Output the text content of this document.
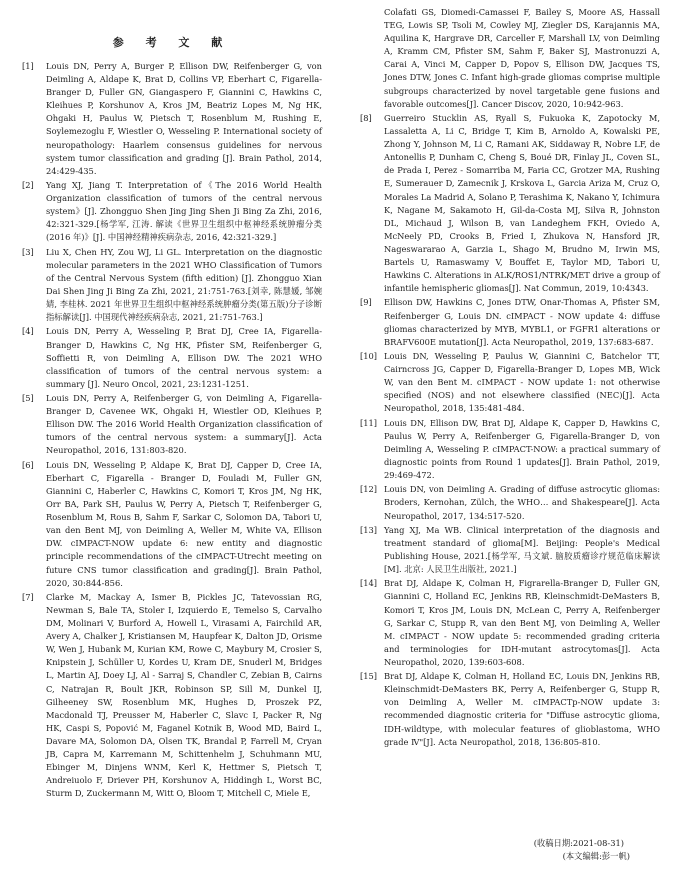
参 考 文 献
[1] Louis DN, Perry A, Burger P, Ellison DW, Reifenberger G, von Deimling A, Aldape K, Brat D, Collins VP, Eberhart C, Figarella-Branger D, Fuller GN, Giangaspero F, Giannini C, Hawkins C, Kleihues P, Korshunov A, Kros JM, Beatriz Lopes M, Ng HK, Ohgaki H, Paulus W, Pietsch T, Rosenblum M, Rushing E, Soylemezoglu F, Wiestler O, Wesseling P. International society of neuropathology: Haarlem consensus guidelines for nervous system tumor classification and grading [J]. Brain Pathol, 2014, 24:429-435.
[2] Yang XJ, Jiang T. Interpretation of《The 2016 World Health Organization classification of tumors of the central nervous system》[J]. Zhongguo Shen Jing Jing Shen Ji Bing Za Zhi, 2016, 42:321-329.[杨学军, 江涛. 解读《世界卫生组织中枢神经系统肿瘤分类(2016 年)》[J]. 中国神经精神疾病杂志, 2016, 42:321-329.]
[3] Liu X, Chen HY, Zou WJ, Li GL. Interpretation on the diagnostic molecular parameters in the 2021 WHO Classification of Tumors of the Central Nervous System (fifth edition) [J]. Zhongguo Xian Dai Shen Jing Ji Bing Za Zhi, 2021, 21:751-763.[刘幸, 陈慧媛, 邹婉婧, 李桂林. 2021 年世界卫生组织中枢神经系统肿瘤分类(第五版)分子诊断指标解读[J]. 中国现代神经疾病杂志, 2021, 21:751-763.]
[4] Louis DN, Perry A, Wesseling P, Brat DJ, Cree IA, Figarella-Branger D, Hawkins C, Ng HK, Pfister SM, Reifenberger G, Soffietti R, von Deimling A, Ellison DW. The 2021 WHO classification of tumors of the central nervous system: a summary [J]. Neuro Oncol, 2021, 23:1231-1251.
[5] Louis DN, Perry A, Reifenberger G, von Deimling A, Figarella-Branger D, Cavenee WK, Ohgaki H, Wiestler OD, Kleihues P, Ellison DW. The 2016 World Health Organization classification of tumors of the central nervous system: a summary[J]. Acta Neuropathol, 2016, 131:803-820.
[6] Louis DN, Wesseling P, Aldape K, Brat DJ, Capper D, Cree IA, Eberhart C, Figarella - Branger D, Fouladi M, Fuller GN, Giannini C, Haberler C, Hawkins C, Komori T, Kros JM, Ng HK, Orr BA, Park SH, Paulus W, Perry A, Pietsch T, Reifenberger G, Rosenblum M, Rous B, Sahm F, Sarkar C, Solomon DA, Tabori U, van den Bent MJ, von Deimling A, Weller M, White VA, Ellison DW. cIMPACT-NOW update 6: new entity and diagnostic principle recommendations of the cIMPACT-Utrecht meeting on future CNS tumor classification and grading[J]. Brain Pathol, 2020, 30:844-856.
[7] Clarke M, Mackay A, Ismer B, Pickles JC, Tatevossian RG, Newman S, Bale TA, Stoler I, Izquierdo E, Temelso S, Carvalho DM, Molinari V, Burford A, Howell L, Virasami A, Fairchild AR, Avery A, Chalker J, Kristiansen M, Haupfear K, Dalton JD, Orisme W, Wen J, Hubank M, Kurian KM, Rowe C, Maybury M, Crosier S, Knipstein J, Schüller U, Kordes U, Kram DE, Snuderl M, Bridges L, Martin AJ, Doey LJ, Al - Sarraj S, Chandler C, Zebian B, Cairns C, Natrajan R, Boult JKR, Robinson SP, Sill M, Dunkel IJ, Gilheeney SW, Rosenblum MK, Hughes D, Proszek PZ, Macdonald TJ, Preusser M, Haberler C, Slavc I, Packer R, Ng HK, Caspi S, Popović M, Faganel Kotnik B, Wood MD, Baird L, Davare MA, Solomon DA, Olsen TK, Brandal P, Farrell M, Cryan JB, Capra M, Karremann M, Schittenhelm J, Schuhmann MU, Ebinger M, Dinjens WNM, Kerl K, Hettmer S, Pietsch T, Andreiuolo F, Driever PH, Korshunov A, Hiddingh L, Worst BC, Sturm D, Zuckermann M, Witt O, Bloom T, Mitchell C, Miele E,
Colafati GS, Diomedi-Camassei F, Bailey S, Moore AS, Hassall TEG, Lowis SP, Tsoli M, Cowley MJ, Ziegler DS, Karajannis MA, Aquilina K, Hargrave DR, Carceller F, Marshall LV, von Deimling A, Kramm CM, Pfister SM, Sahm F, Baker SJ, Mastronuzzi A, Carai A, Vinci M, Capper D, Popov S, Ellison DW, Jacques TS, Jones DTW, Jones C. Infant high-grade gliomas comprise multiple subgroups characterized by novel targetable gene fusions and favorable outcomes[J]. Cancer Discov, 2020, 10:942-963.
[8] Guerreiro Stucklin AS, Ryall S, Fukuoka K, Zapotocky M, Lassaletta A, Li C, Bridge T, Kim B, Arnoldo A, Kowalski PE, Zhong Y, Johnson M, Li C, Ramani AK, Siddaway R, Nobre LF, de Antonellis P, Dunham C, Cheng S, Boué DR, Finlay JL, Coven SL, de Prada I, Perez - Somarriba M, Faria CC, Grotzer MA, Rushing E, Sumerauer D, Zamecnik J, Krskova L, Garcia Ariza M, Cruz O, Morales La Madrid A, Solano P, Terashima K, Nakano Y, Ichimura K, Nagane M, Sakamoto H, Gil-da-Costa MJ, Silva R, Johnston DL, Michaud J, Wilson B, van Landeghem FKH, Oviedo A, McNeely PD, Crooks B, Fried I, Zhukova N, Hansford JR, Nageswararao A, Garzia L, Shago M, Brudno M, Irwin MS, Bartels U, Ramaswamy V, Bouffet E, Taylor MD, Tabori U, Hawkins C. Alterations in ALK/ROS1/NTRK/MET drive a group of infantile hemispheric gliomas[J]. Nat Commun, 2019, 10:4343.
[9] Ellison DW, Hawkins C, Jones DTW, Onar-Thomas A, Pfister SM, Reifenberger G, Louis DN. cIMPACT - NOW update 4: diffuse gliomas characterized by MYB, MYBL1, or FGFR1 alterations or BRAFV600E mutation[J]. Acta Neuropathol, 2019, 137:683-687.
[10] Louis DN, Wesseling P, Paulus W, Giannini C, Batchelor TT, Cairncross JG, Capper D, Figarella-Branger D, Lopes MB, Wick W, van den Bent M. cIMPACT - NOW update 1: not otherwise specified (NOS) and not elsewhere classified (NEC)[J]. Acta Neuropathol, 2018, 135:481-484.
[11] Louis DN, Ellison DW, Brat DJ, Aldape K, Capper D, Hawkins C, Paulus W, Perry A, Reifenberger G, Figarella-Branger D, von Deimling A, Wesseling P. cIMPACT-NOW: a practical summary of diagnostic points from Round 1 updates[J]. Brain Pathol, 2019, 29:469-472.
[12] Louis DN, von Deimling A. Grading of diffuse astrocytic gliomas: Broders, Kernohan, Zülch, the WHO… and Shakespeare[J]. Acta Neuropathol, 2017, 134:517-520.
[13] Yang XJ, Ma WB. Clinical interpretation of the diagnosis and treatment standard of glioma[M]. Beijing: People's Medical Publishing House, 2021.[杨学军, 马文斌. 脑胶质瘤诊疗规范临床解读[M]. 北京: 人民卫生出版社, 2021.]
[14] Brat DJ, Aldape K, Colman H, Figrarella-Branger D, Fuller GN, Giannini C, Holland EC, Jenkins RB, Kleinschmidt-DeMasters B, Komori T, Kros JM, Louis DN, McLean C, Perry A, Reifenberger G, Sarkar C, Stupp R, van den Bent MJ, von Deimling A, Weller M. cIMPACT - NOW update 5: recommended grading criteria and terminologies for IDH-mutant astrocytomas[J]. Acta Neuropathol, 2020, 139:603-608.
[15] Brat DJ, Aldape K, Colman H, Holland EC, Louis DN, Jenkins RB, Kleinschmidt-DeMasters BK, Perry A, Reifenberger G, Stupp R, von Deimling A, Weller M. cIMPACTp-NOW update 3: recommended diagnostic criteria for "Diffuse astrocytic glioma, IDH-wildtype, with molecular features of glioblastoma, WHO grade Ⅳ"[J]. Acta Neuropathol, 2018, 136:805-810.
(收稿日期:2021-08-31)
(本文编辑:彭一帆)
